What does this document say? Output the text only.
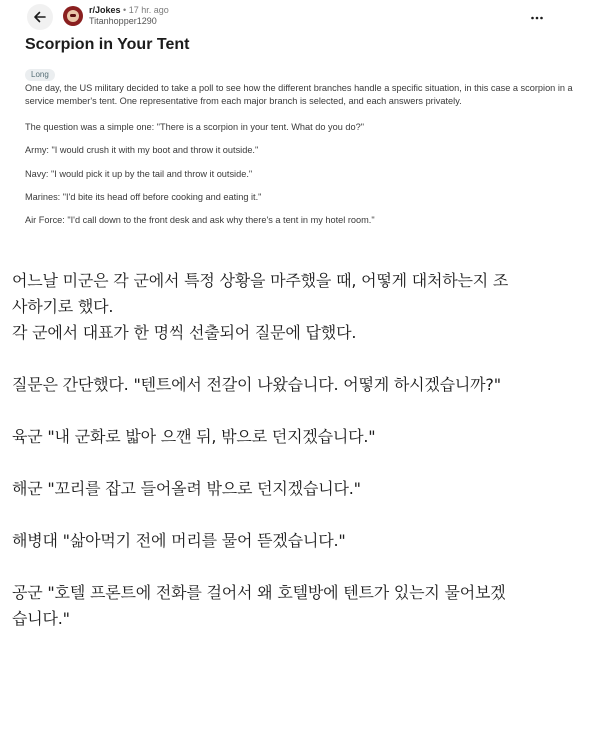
r/Jokes • 17 hr. ago
Titanhopper1290
Scorpion in Your Tent
Long

One day, the US military decided to take a poll to see how the different branches handle a specific situation, in this case a scorpion in a service member's tent. One representative from each major branch is selected, and each answers privately.

The question was a simple one: "There is a scorpion in your tent. What do you do?"

Army: "I would crush it with my boot and throw it outside."

Navy: "I would pick it up by the tail and throw it outside."

Marines: "I'd bite its head off before cooking and eating it."

Air Force: "I'd call down to the front desk and ask why there's a tent in my hotel room."

어느날 미군은 각 군에서 특정 상황을 마주했을 때, 어떻게 대처하는지 조

사하기로 했다.

각 군에서 대표가 한 명씩 선출되어 질문에 답했다.

질문은 간단했다. "텐트에서 전갈이 나왔습니다. 어떻게 하시겠습니까?"

육군 "내 군화로 밟아 으깬 뒤, 밖으로 던지겠습니다."

해군 "꼬리를 잡고 들어올려 밖으로 던지겠습니다."

해병대 "삶아먹기 전에 머리를 물어 뜯겠습니다."

공군 "호텔 프론트에 전화를 걸어서 왜 호텔방에 텐트가 있는지 물어보겠

습니다."
